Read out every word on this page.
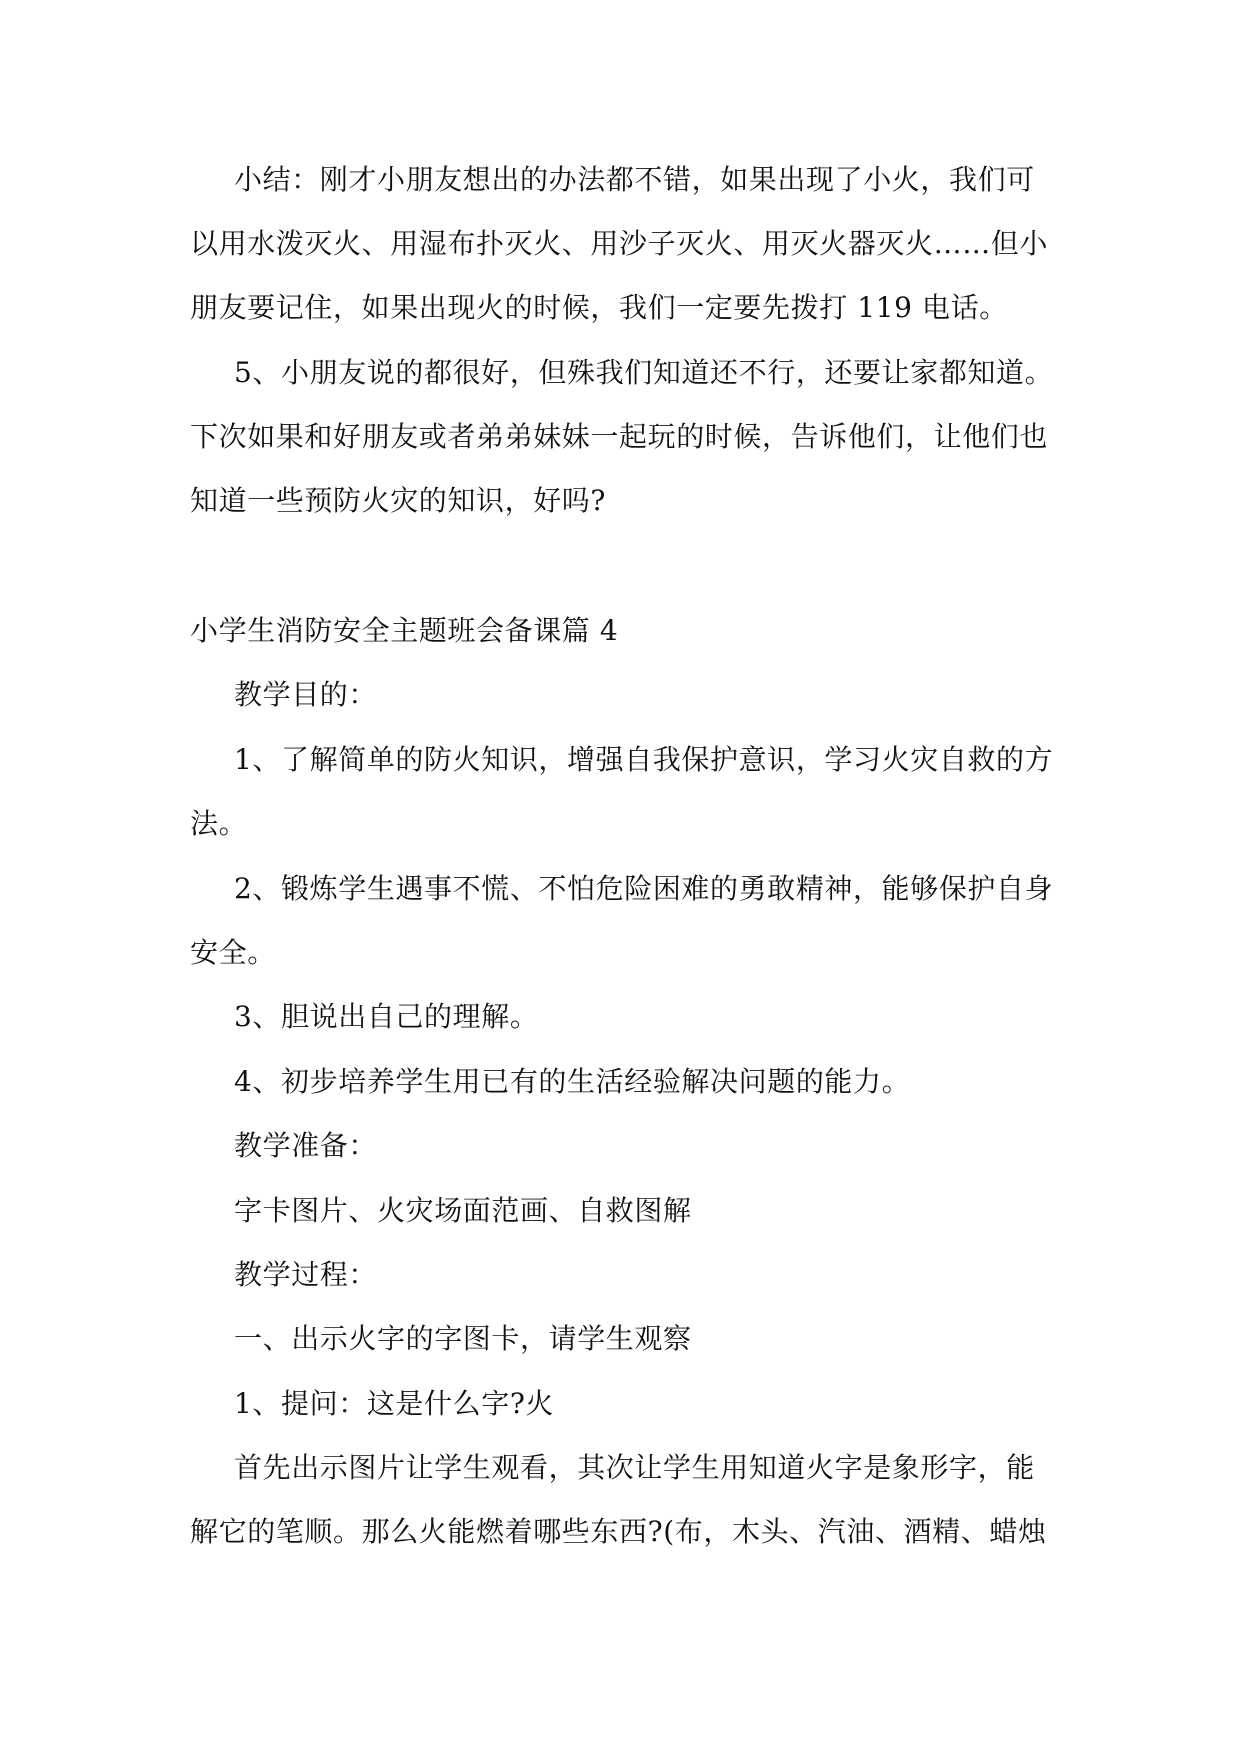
小结：刚才小朋友想出的办法都不错，如果出现了小火，我们可
以用水泼灭火、用湿布扑灭火、用沙子灭火、用灭火器灭火……但小
朋友要记住，如果出现火的时候，我们一定要先拨打 119 电话。
5、小朋友说的都很好，但殊我们知道还不行，还要让家都知道。
下次如果和好朋友或者弟弟妹妹一起玩的时候，告诉他们，让他们也
知道一些预防火灾的知识，好吗?
小学生消防安全主题班会备课篇 4
教学目的：
1、了解简单的防火知识，增强自我保护意识，学习火灾自救的方
法。
2、锻炼学生遇事不慌、不怕危险困难的勇敢精神，能够保护自身
安全。
3、胆说出自己的理解。
4、初步培养学生用已有的生活经验解决问题的能力。
教学准备：
字卡图片、火灾场面范画、自救图解
教学过程：
一、出示火字的字图卡，请学生观察
1、提问：这是什么字?火
首先出示图片让学生观看，其次让学生用知道火字是象形字，能
解它的笔顺。那么火能燃着哪些东西?(布，木头、汽油、酒精、蜡烛
